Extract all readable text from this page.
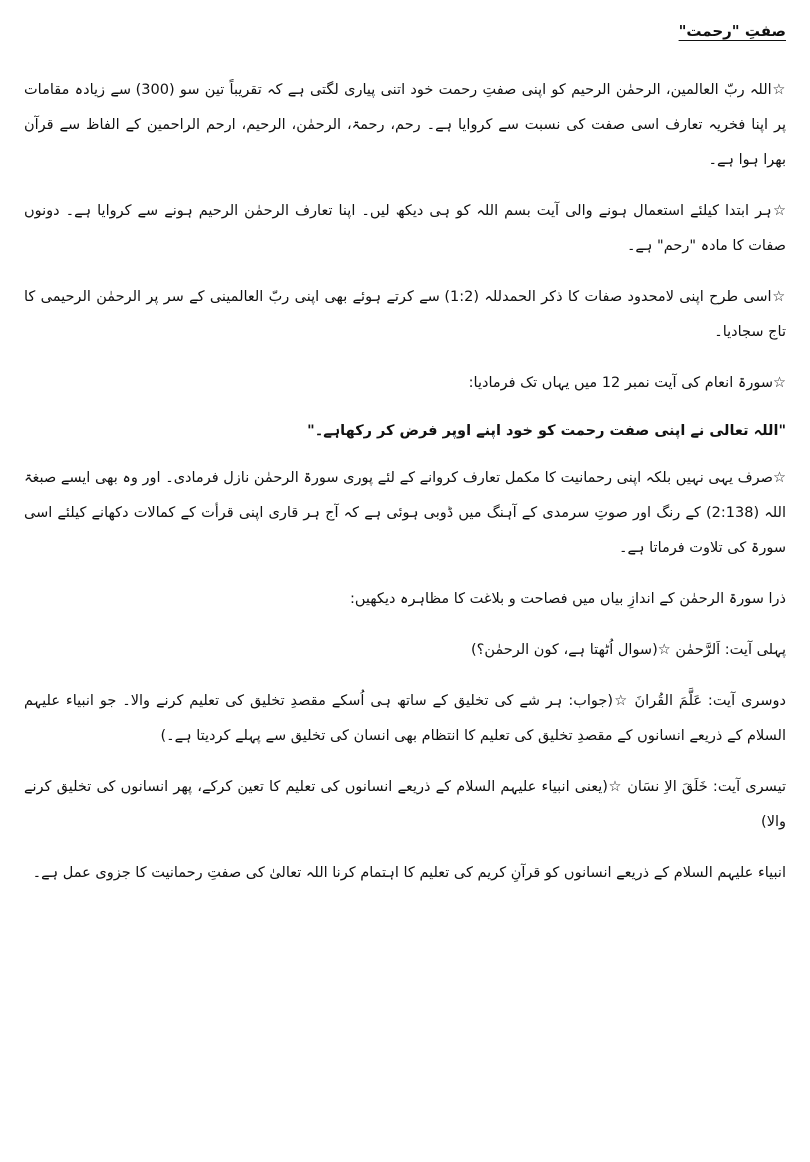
صفتِ "رحمت"

☆اللہ ربّ العالمین، الرحمٰن الرحیم کو اپنی صفتِ رحمت خود اتنی پیاری لگتی ہے کہ تقریباً تین سو (300) سے زیادہ مقامات پر اپنا فخریہ تعارف اسی صفت کی نسبت سے کروایا ہے۔ رحم، رحمۃ، الرحمٰن، الرحیم، ارحم الراحمین کے الفاظ سے قرآن بھرا ہوا ہے۔

☆ہر ابتدا کیلئے استعمال ہونے والی آیت بسم اللہ کو ہی دیکھ لیں۔ اپنا تعارف الرحمٰن الرحیم ہونے سے کروایا ہے۔ دونوں صفات کا مادہ "رحم" ہے۔

☆اسی طرح اپنی لامحدود صفات کا ذکر الحمدللہ (1:2) سے کرتے ہوئے بھی اپنی ربّ العالمینی کے سر پر الرحمٰن الرحیمی کا تاج سجادیا۔

☆سورۃ انعام کی آیت نمبر 12 میں یہاں تک فرمادیا:

"اللہ تعالی نے اپنی صفت رحمت کو خود اپنے اوپر فرض کر رکھاہے۔"

☆صرف یہی نہیں بلکہ اپنی رحمانیت کا مکمل تعارف کروانے کے لئے پوری سورۃ الرحمٰن نازل فرمادی۔ اور وہ بھی ایسے صبغۃ اللہ (2:138) کے رنگ اور صوتِ سرمدی کے آہنگ میں ڈوبی ہوئی ہے کہ آج ہر قاری اپنی قرأت کے کمالات دکھانے کیلئے اسی سورۃ کی تلاوت فرماتا ہے۔

ذرا سورۃ الرحمٰن کے اندازِ بیاں میں فصاحت و بلاغت کا مظاہرہ دیکھیں:

پہلی آیت: اَلرَّحمٰن ☆(سوال اُٹھتا ہے، کون الرحمٰن؟)

دوسری آیت: عَلَّمَ القُرانَ ☆(جواب: ہر شے کی تخلیق کے ساتھ ہی اُسکے مقصدِ تخلیق کی تعلیم کرنے والا۔ جو انبیاء علیہم السلام کے ذریعے انسانوں کے مقصدِ تخلیق کی تعلیم کا انتظام بھی انسان کی تخلیق سے پہلے کردیتا ہے۔)

تیسری آیت: خَلَقَ الاِ نسَان ☆(یعنی انبیاء علیہم السلام کے ذریعے انسانوں کی تعلیم کا تعین کرکے، پھر انسانوں کی تخلیق کرنے والا)

انبیاء علیہم السلام کے ذریعے انسانوں کو قرآنِ کریم کی تعلیم کا اہتمام کرنا اللہ تعالیٰ کی صفتِ رحمانیت کا جزوی عمل ہے۔
